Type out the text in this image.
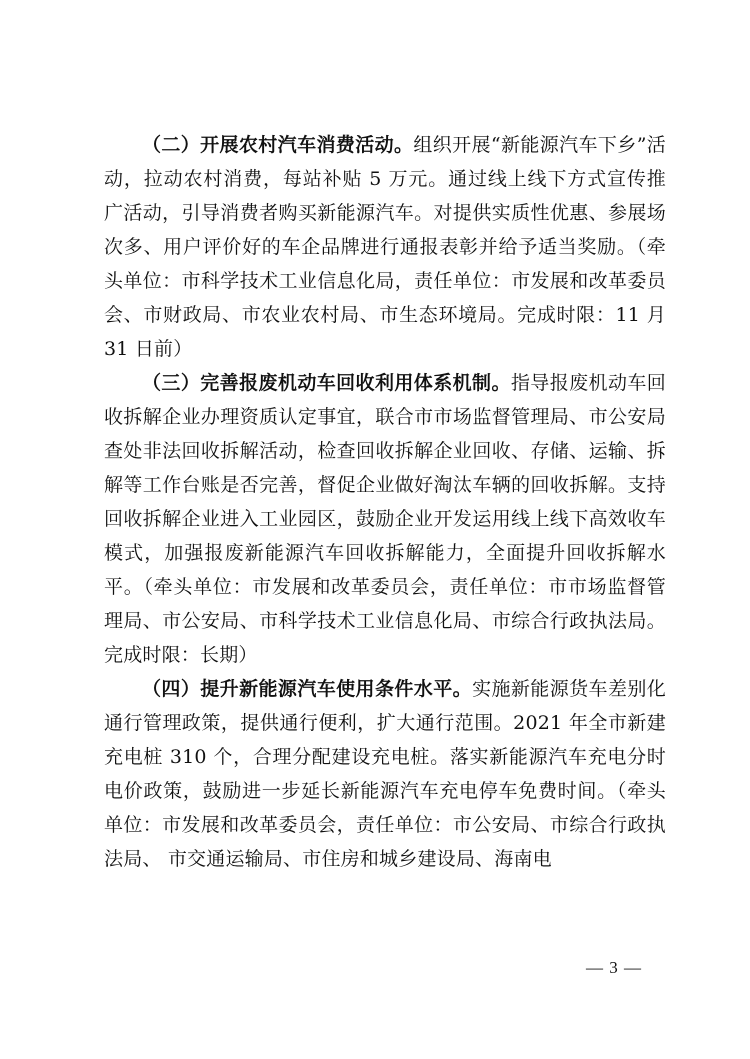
（二）开展农村汽车消费活动。组织开展“新能源汽车下乡”活动，拉动农村消费，每站补贴 5 万元。通过线上线下方式宣传推广活动，引导消费者购买新能源汽车。对提供实质性优惠、参展场次多、用户评价好的车企品牌进行通报表彰并给予适当奖励。（牵头单位：市科学技术工业信息化局，责任单位：市发展和改革委员会、市财政局、市农业农村局、市生态环境局。完成时限：11 月 31 日前）

（三）完善报废机动车回收利用体系机制。指导报废机动车回收拆解企业办理资质认定事宜，联合市市场监督管理局、市公安局查处非法回收拆解活动，检查回收拆解企业回收、存储、运输、拆解等工作台账是否完善，督促企业做好淘汰车辆的回收拆解。支持回收拆解企业进入工业园区，鼓励企业开发运用线上线下高效收车模式，加强报废新能源汽车回收拆解能力，全面提升回收拆解水平。（牵头单位：市发展和改革委员会，责任单位：市市场监督管理局、市公安局、市科学技术工业信息化局、市综合行政执法局。完成时限：长期）

（四）提升新能源汽车使用条件水平。实施新能源货车差别化通行管理政策，提供通行便利，扩大通行范围。2021 年全市新建充电桩 310 个，合理分配建设充电桩。落实新能源汽车充电分时电价政策，鼓励进一步延长新能源汽车充电停车免费时间。（牵头单位：市发展和改革委员会，责任单位：市公安局、市综合行政执法局、 市交通运输局、市住房和城乡建设局、海南电

— 3 —
